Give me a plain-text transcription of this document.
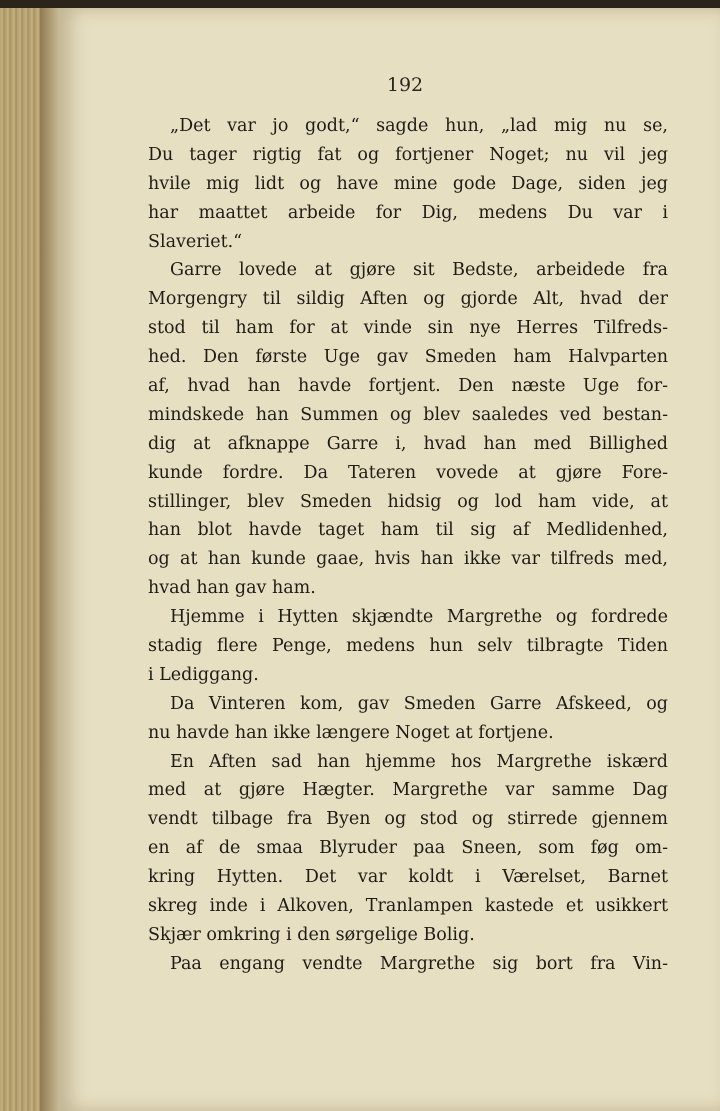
192
„Det var jo godt,“ sagde hun, „lad mig nu se,
Du tager rigtig fat og fortjener Noget; nu vil jeg
hvile mig lidt og have mine gode Dage, siden jeg
har maattet arbeide for Dig, medens Du var i
Slaveriet.“
Garre lovede at gjøre sit Bedste, arbeidede fra
Morgengry til sildig Aften og gjorde Alt, hvad der
stod til ham for at vinde sin nye Herres Tilfreds-
hed. Den første Uge gav Smeden ham Halvparten
af, hvad han havde fortjent. Den næste Uge for-
mindskede han Summen og blev saaledes ved bestan-
dig at afknappe Garre i, hvad han med Billighed
kunde fordre. Da Tateren vovede at gjøre Fore-
stillinger, blev Smeden hidsig og lod ham vide, at
han blot havde taget ham til sig af Medlidenhed,
og at han kunde gaae, hvis han ikke var tilfreds med,
hvad han gav ham.
Hjemme i Hytten skjændte Margrethe og fordrede
stadig flere Penge, medens hun selv tilbragte Tiden
i Lediggang.
Da Vinteren kom, gav Smeden Garre Afskeed, og
nu havde han ikke længere Noget at fortjene.
En Aften sad han hjemme hos Margrethe iskærd
med at gjøre Hægter. Margrethe var samme Dag
vendt tilbage fra Byen og stod og stirrede gjennem
en af de smaa Blyruder paa Sneen, som føg om-
kring Hytten. Det var koldt i Værelset, Barnet
skreg inde i Alkoven, Tranlampen kastede et usikkert
Skjær omkring i den sørgelige Bolig.
Paa engang vendte Margrethe sig bort fra Vin-
